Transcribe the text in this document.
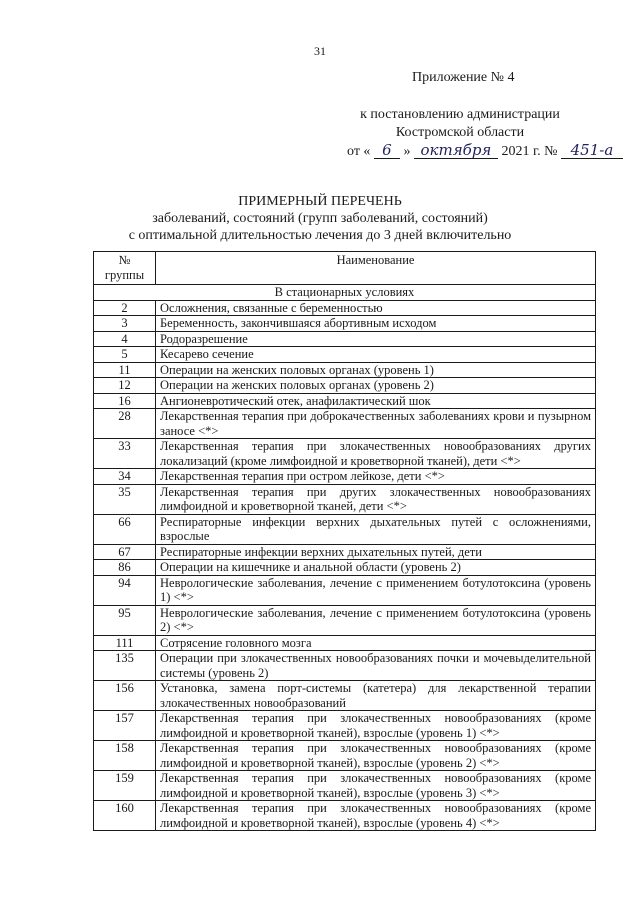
31
Приложение № 4
к постановлению администрации Костромской области
от « 6 » октября 2021 г. № 451-а
ПРИМЕРНЫЙ ПЕРЕЧЕНЬ
заболеваний, состояний (групп заболеваний, состояний)
с оптимальной длительностью лечения до 3 дней включительно
№ группы	Наименование
В стационарных условиях	
2	Осложнения, связанные с беременностью
3	Беременность, закончившаяся абортивным исходом
4	Родоразрешение
5	Кесарево сечение
11	Операции на женских половых органах (уровень 1)
12	Операции на женских половых органах (уровень 2)
16	Ангионевротический отек, анафилактический шок
28	Лекарственная терапия при доброкачественных заболеваниях крови и пузырном заносе <*>
33	Лекарственная терапия при злокачественных новообразованиях других локализаций (кроме лимфоидной и кроветворной тканей), дети <*>
34	Лекарственная терапия при остром лейкозе, дети <*>
35	Лекарственная терапия при других злокачественных новообразованиях лимфоидной и кроветворной тканей, дети <*>
66	Респираторные инфекции верхних дыхательных путей с осложнениями, взрослые
67	Респираторные инфекции верхних дыхательных путей, дети
86	Операции на кишечнике и анальной области (уровень 2)
94	Неврологические заболевания, лечение с применением ботулотоксина (уровень 1) <*>
95	Неврологические заболевания, лечение с применением ботулотоксина (уровень 2) <*>
111	Сотрясение головного мозга
135	Операции при злокачественных новообразованиях почки и мочевыделительной системы (уровень 2)
156	Установка, замена порт-системы (катетера) для лекарственной терапии злокачественных новообразований
157	Лекарственная терапия при злокачественных новообразованиях (кроме лимфоидной и кроветворной тканей), взрослые (уровень 1) <*>
158	Лекарственная терапия при злокачественных новообразованиях (кроме лимфоидной и кроветворной тканей), взрослые (уровень 2) <*>
159	Лекарственная терапия при злокачественных новообразованиях (кроме лимфоидной и кроветворной тканей), взрослые (уровень 3) <*>
160	Лекарственная терапия при злокачественных новообразованиях (кроме лимфоидной и кроветворной тканей), взрослые (уровень 4) <*>
